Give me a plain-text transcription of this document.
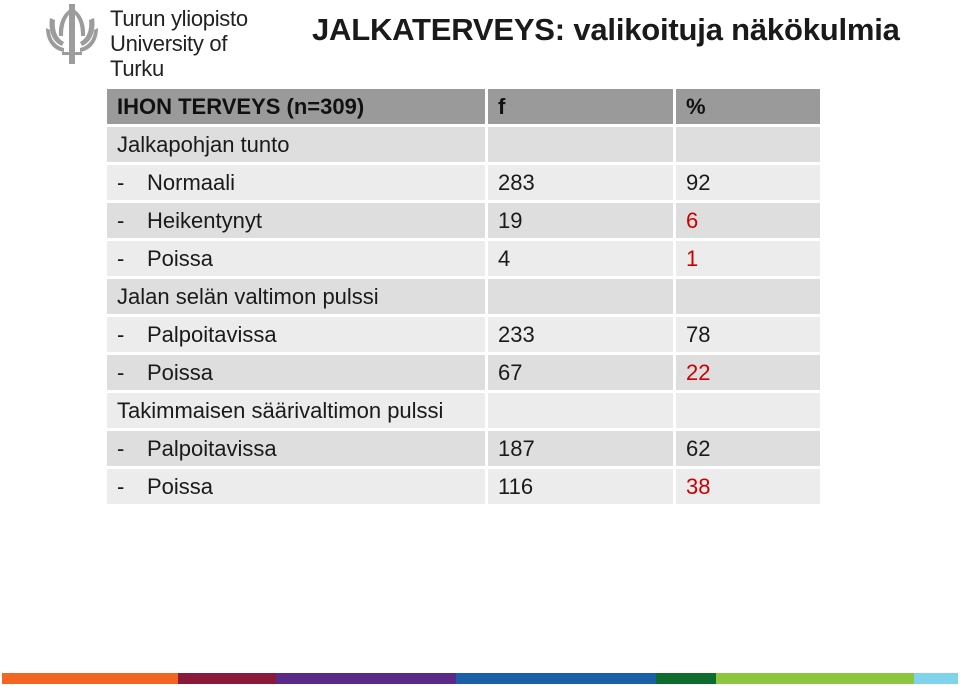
Turun yliopisto
University of Turku
JALKATERVEYS: valikoituja näkökulmia
IHON TERVEYS (n=309)	f	%
Jalkapohjan tunto		
- Normaali	283	92
- Heikentynyt	19	6
- Poissa	4	1
Jalan selän valtimon pulssi		
- Palpoitavissa	233	78
- Poissa	67	22
Takimmaisen säärivaltimon pulssi		
- Palpoitavissa	187	62
- Poissa	116	38
